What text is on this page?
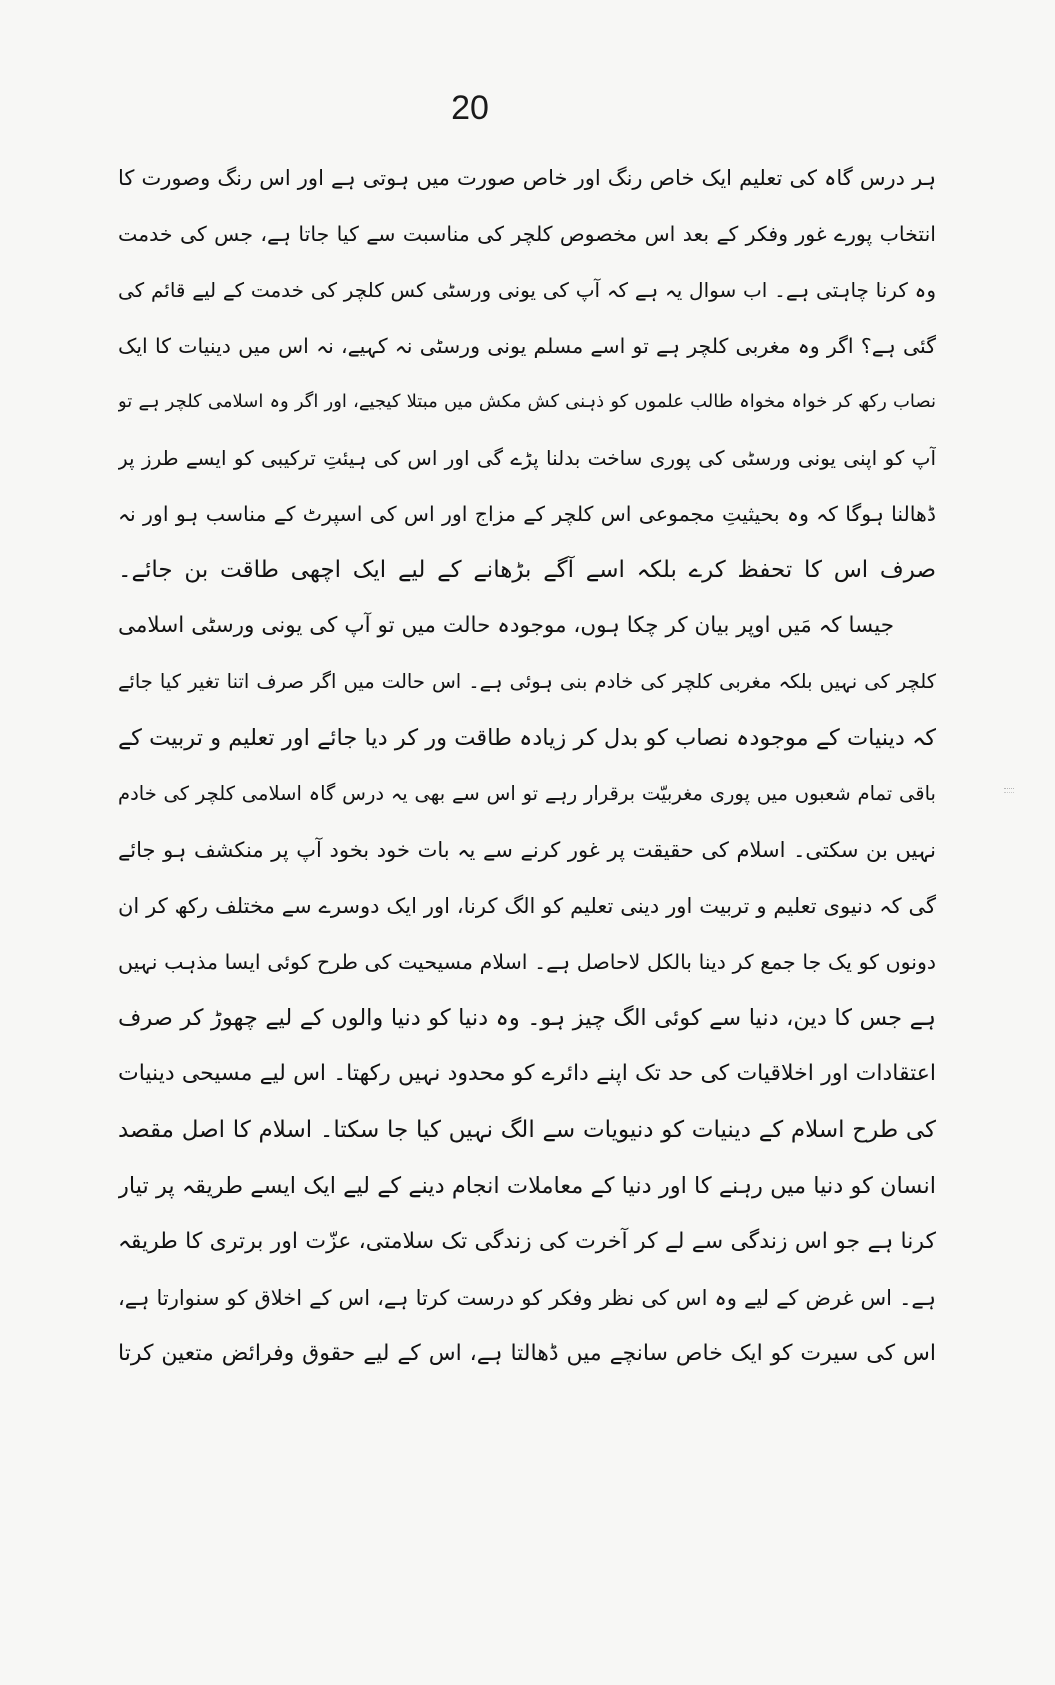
20
ہر درس گاہ کی تعلیم ایک خاص رنگ اور خاص صورت میں ہوتی ہے اور اس رنگ وصورت کا
انتخاب پورے غور وفکر کے بعد اس مخصوص کلچر کی مناسبت سے کیا جاتا ہے، جس کی خدمت
وہ کرنا چاہتی ہے۔ اب سوال یہ ہے کہ آپ کی یونی ورسٹی کس کلچر کی خدمت کے لیے قائم کی
گئی ہے؟ اگر وہ مغربی کلچر ہے تو اسے مسلم یونی ورسٹی نہ کہیے، نہ اس میں دینیات کا ایک
نصاب رکھ کر خواہ مخواہ طالب علموں کو ذہنی کش مکش میں مبتلا کیجیے، اور اگر وہ اسلامی کلچر ہے تو
آپ کو اپنی یونی ورسٹی کی پوری ساخت بدلنا پڑے گی اور اس کی ہیئتِ ترکیبی کو ایسے طرز پر
ڈھالنا ہوگا کہ وہ بحیثیتِ مجموعی اس کلچر کے مزاج اور اس کی اسپرٹ کے مناسب ہو اور نہ
صرف اس کا تحفظ کرے بلکہ اسے آگے بڑھانے کے لیے ایک اچھی طاقت بن جائے۔
جیسا کہ مَیں اوپر بیان کر چکا ہوں، موجودہ حالت میں تو آپ کی یونی ورسٹی اسلامی
کلچر کی نہیں بلکہ مغربی کلچر کی خادم بنی ہوئی ہے۔ اس حالت میں اگر صرف اتنا تغیر کیا جائے
کہ دینیات کے موجودہ نصاب کو بدل کر زیادہ طاقت ور کر دیا جائے اور تعلیم و تربیت کے
باقی تمام شعبوں میں پوری مغربیّت برقرار رہے تو اس سے بھی یہ درس گاہ اسلامی کلچر کی خادم
نہیں بن سکتی۔ اسلام کی حقیقت پر غور کرنے سے یہ بات خود بخود آپ پر منکشف ہو جائے
گی کہ دنیوی تعلیم و تربیت اور دینی تعلیم کو الگ کرنا، اور ایک دوسرے سے مختلف رکھ کر ان
دونوں کو یک جا جمع کر دینا بالکل لاحاصل ہے۔ اسلام مسیحیت کی طرح کوئی ایسا مذہب نہیں
ہے جس کا دین، دنیا سے کوئی الگ چیز ہو۔ وہ دنیا کو دنیا والوں کے لیے چھوڑ کر صرف
اعتقادات اور اخلاقیات کی حد تک اپنے دائرے کو محدود نہیں رکھتا۔ اس لیے مسیحی دینیات
کی طرح اسلام کے دینیات کو دنیویات سے الگ نہیں کیا جا سکتا۔ اسلام کا اصل مقصد
انسان کو دنیا میں رہنے کا اور دنیا کے معاملات انجام دینے کے لیے ایک ایسے طریقہ پر تیار
کرنا ہے جو اس زندگی سے لے کر آخرت کی زندگی تک سلامتی، عزّت اور برتری کا طریقہ
ہے۔ اس غرض کے لیے وہ اس کی نظر وفکر کو درست کرتا ہے، اس کے اخلاق کو سنوارتا ہے،
اس کی سیرت کو ایک خاص سانچے میں ڈھالتا ہے، اس کے لیے حقوق وفرائض متعین کرتا
